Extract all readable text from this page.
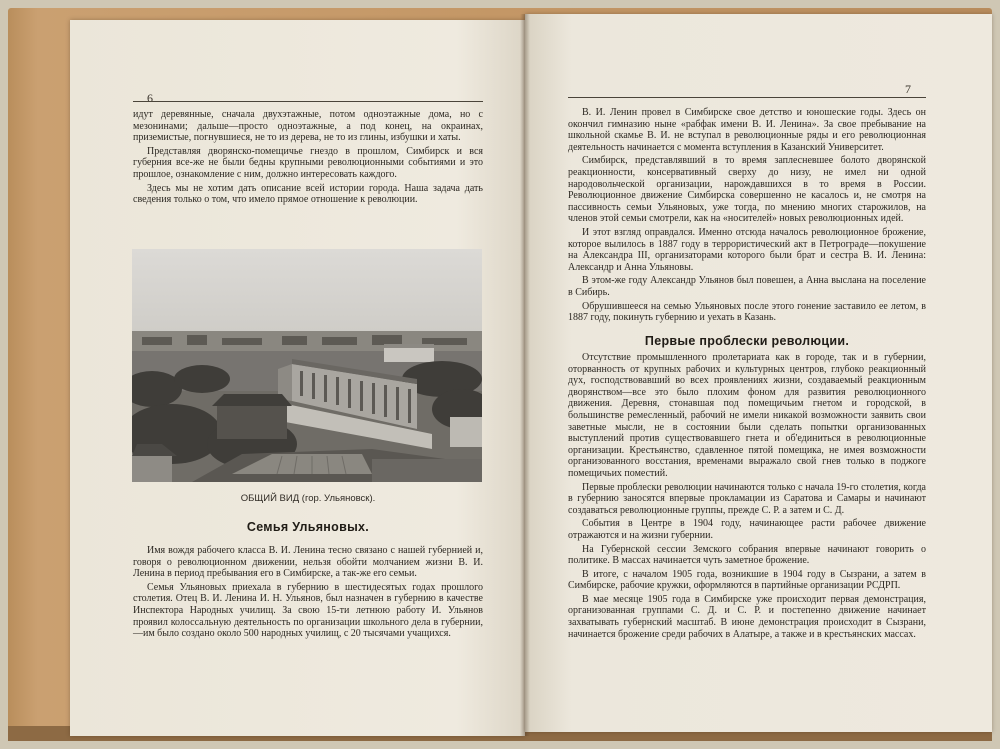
6

идут деревянные, сначала двухэтажные, потом одноэтажные дома, но с мезонинами; дальше—просто одноэтажные, а под конец, на окраинах, приземистые, погнувшиеся, не то из дерева, не то из глины, избушки и хаты.

Представляя дворянско-помещичье гнездо в прошлом, Симбирск и вся губерния все-же не были бедны крупными революционными событиями и это прошлое, ознакомление с ним, должно интересовать каждого.

Здесь мы не хотим дать описание всей истории города. Наша задача дать сведения только о том, что имело прямое отношение к революции.

ОБЩИЙ ВИД (гор. Ульяновск).
Семья Ульяновых.

Имя вождя рабочего класса В. И. Ленина тесно связано с нашей губернией и, говоря о революционном движении, нельзя обойти молчанием жизни В. И. Ленина в период пребывания его в Симбирске, а так-же его семьи.

Семья Ульяновых приехала в губернию в шестидесятых годах прошлого столетия. Отец В. И. Ленина И. Н. Ульянов, был назначен в губернию в качестве Инспектора Народных училищ. За свою 15-ти летнюю работу И. Ульянов проявил колоссальную деятельность по организации школьного дела в губернии,—им было создано около 500 народных училищ, с 20 тысячами учащихся.

7

В. И. Ленин провел в Симбирске свое детство и юношеские годы. Здесь он окончил гимназию ныне «рабфак имени В. И. Ленина». За свое пребывание на школьной скамье В. И. не вступал в революционные ряды и его революционная деятельность начинается с момента вступления в Казанский Университет.

Симбирск, представлявший в то время заплесневшее болото дворянской реакционности, консервативный сверху до низу, не имел ни одной народовольческой организации, нарождавшихся в то время в России. Революционное движение Симбирска совершенно не касалось и, не смотря на пассивность семьи Ульяновых, уже тогда, по мнению многих старожилов, на членов этой семьи смотрели, как на «носителей» новых революционных идей.

И этот взгляд оправдался. Именно отсюда началось революционное брожение, которое вылилось в 1887 году в террористический акт в Петрограде—покушение на Александра III, организаторами которого были брат и сестра В. И. Ленина: Александр и Анна Ульяновы.

В этом-же году Александр Ульянов был повешен, а Анна выслана на поселение в Сибирь.

Обрушившееся на семью Ульяновых после этого гонение заставило ее летом, в 1887 году, покинуть губернию и уехать в Казань.

Первые проблески революции.

Отсутствие промышленного пролетариата как в городе, так и в губернии, оторванность от крупных рабочих и культурных центров, глубоко реакционный дух, господствовавший во всех проявлениях жизни, создаваемый реакционным дворянством—все это было плохим фоном для развития революционного движения. Деревня, стонавшая под помещичьим гнетом и городской, в большинстве ремесленный, рабочий не имели никакой возможности заявить свои заветные мысли, не в состоянии были сделать попытки организованных выступлений против существовавшего гнета и об'единиться в революционные организации. Крестьянство, сдавленное пятой помещика, не имея возможности организованного восстания, временами выражало свой гнев только в поджоге помещичьих поместий.

Первые проблески революции начинаются только с начала 19-го столетия, когда в губернию заносятся впервые прокламации из Саратова и Самары и начинают создаваться революционные группы, прежде С. Р. а затем и С. Д.

События в Центре в 1904 году, начинающее расти рабочее движение отражаются и на жизни губернии.

На Губернской сессии Земского собрания впервые начинают говорить о политике. В массах начинается чуть заметное брожение.

В итоге, с началом 1905 года, возникшие в 1904 году в Сызрани, а затем в Симбирске, рабочие кружки, оформляются в партийные организации РСДРП.

В мае месяце 1905 года в Симбирске уже происходит первая демонстрация, организованная группами С. Д. и С. Р. и постепенно движение начинает захватывать губернский масштаб. В июне демонстрация происходит в Сызрани, начинается брожение среди рабочих в Алатыре, а также и в крестьянских массах.
